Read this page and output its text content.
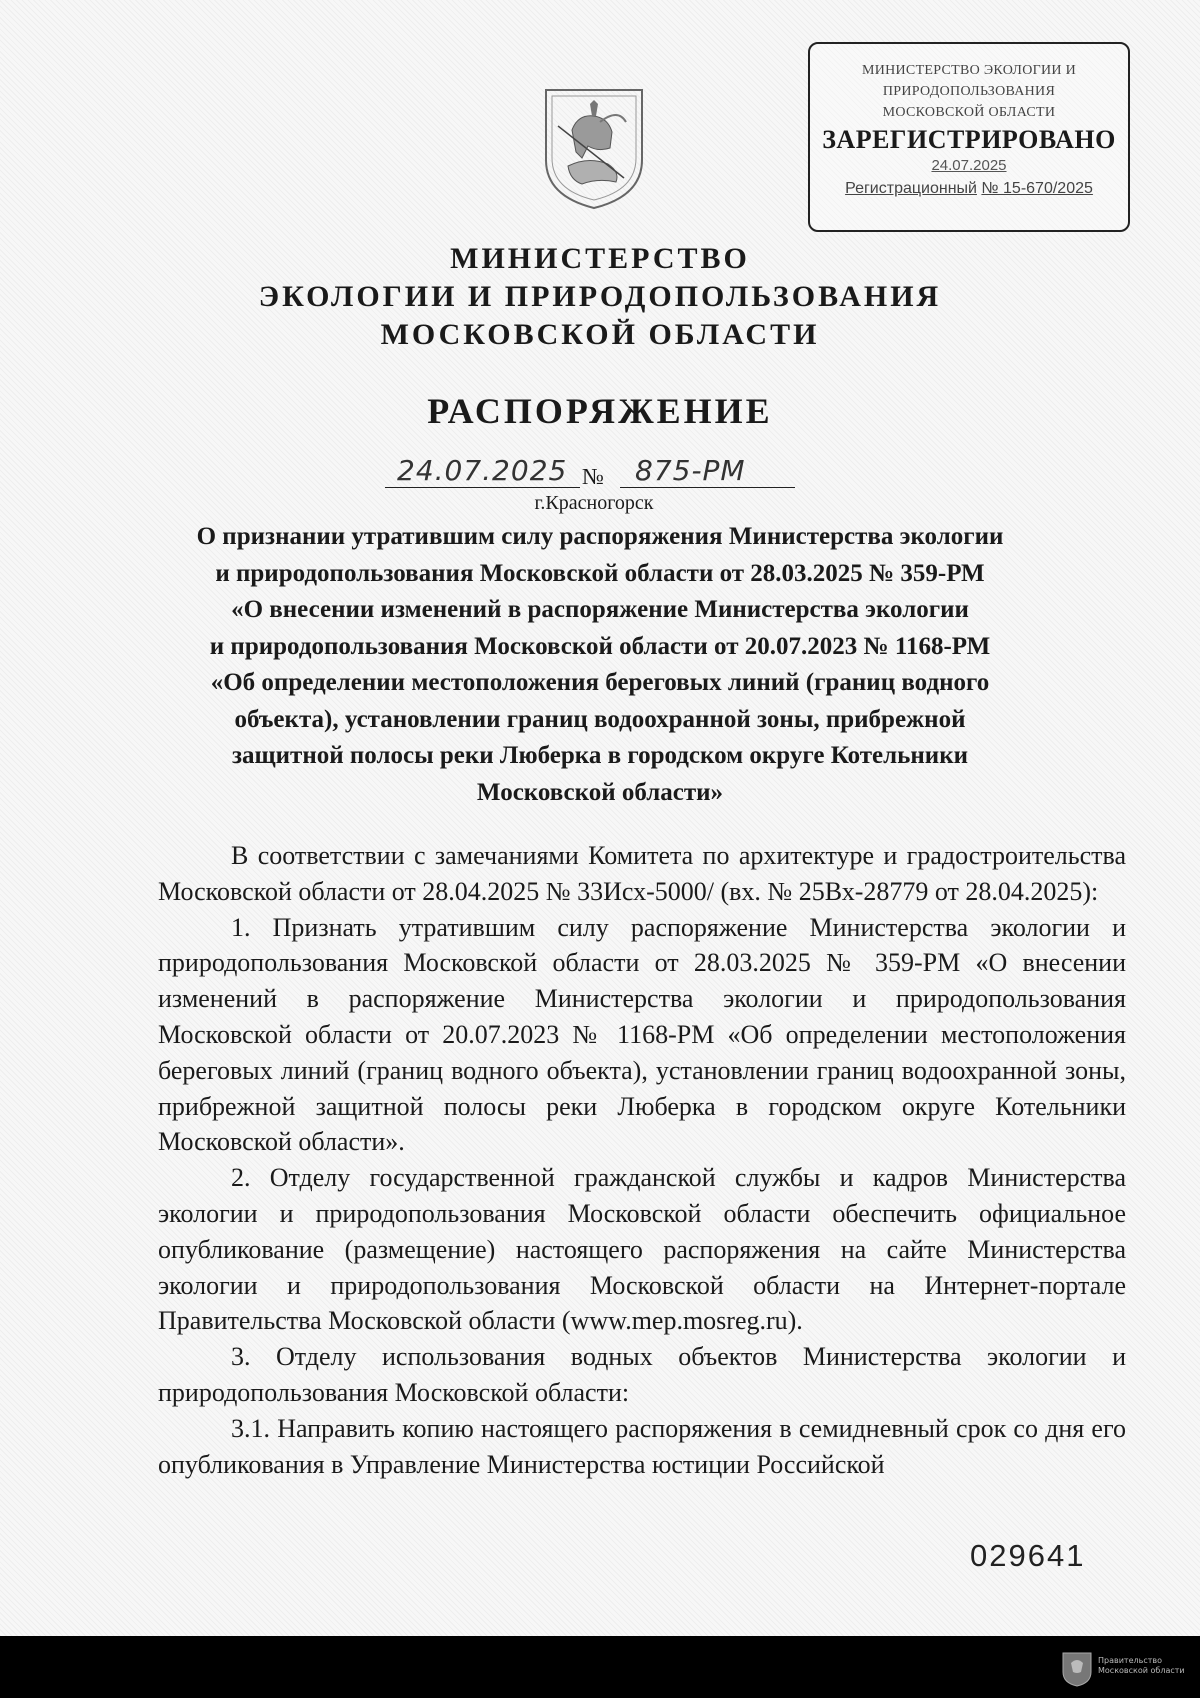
МИНИСТЕРСТВО ЭКОЛОГИИ И
ПРИРОДОПОЛЬЗОВАНИЯ
МОСКОВСКОЙ ОБЛАСТИ
ЗАРЕГИСТРИРОВАНО
24.07.2025
Регистрационный № 15-670/2025
МИНИСТЕРСТВО
ЭКОЛОГИИ И ПРИРОДОПОЛЬЗОВАНИЯ
МОСКОВСКОЙ ОБЛАСТИ
РАСПОРЯЖЕНИЕ
24.07.2025 № 875-РМ
г.Красногорск
О признании утратившим силу распоряжения Министерства экологии
и природопользования Московской области от 28.03.2025 № 359-РМ
«О внесении изменений в распоряжение Министерства экологии
и природопользования Московской области от 20.07.2023 № 1168-РМ
«Об определении местоположения береговых линий (границ водного
объекта), установлении границ водоохранной зоны, прибрежной
защитной полосы реки Люберка в городском округе Котельники
Московской области»

В соответствии с замечаниями Комитета по архитектуре и градостроительства Московской области от 28.04.2025 № 33Исх-5000/ (вх. № 25Вх-28779 от 28.04.2025):

1. Признать утратившим силу распоряжение Министерства экологии и природопользования Московской области от 28.03.2025 № 359-РМ «О внесении изменений в распоряжение Министерства экологии и природопользования Московской области от 20.07.2023 № 1168-РМ «Об определении местоположения береговых линий (границ водного объекта), установлении границ водоохранной зоны, прибрежной защитной полосы реки Люберка в городском округе Котельники Московской области».

2. Отделу государственной гражданской службы и кадров Министерства экологии и природопользования Московской области обеспечить официальное опубликование (размещение) настоящего распоряжения на сайте Министерства экологии и природопользования Московской области на Интернет-портале Правительства Московской области (www.mep.mosreg.ru).

3. Отделу использования водных объектов Министерства экологии и природопользования Московской области:

3.1. Направить копию настоящего распоряжения в семидневный срок со дня его опубликования в Управление Министерства юстиции Российской

029641
Правительство
Московской области
